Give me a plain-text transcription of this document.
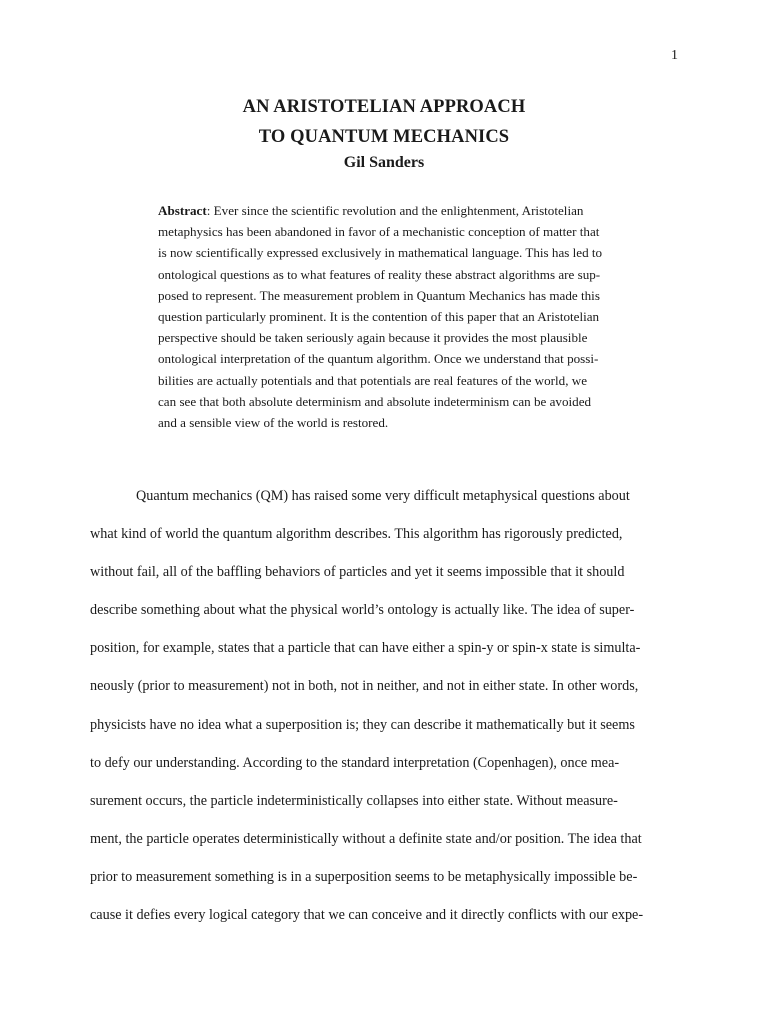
1
AN ARISTOTELIAN APPROACH
TO QUANTUM MECHANICS
Gil Sanders
Abstract: Ever since the scientific revolution and the enlightenment, Aristotelian
metaphysics has been abandoned in favor of a mechanistic conception of matter that
is now scientifically expressed exclusively in mathematical language. This has led to
ontological questions as to what features of reality these abstract algorithms are sup-
posed to represent. The measurement problem in Quantum Mechanics has made this
question particularly prominent. It is the contention of this paper that an Aristotelian
perspective should be taken seriously again because it provides the most plausible
ontological interpretation of the quantum algorithm. Once we understand that possi-
bilities are actually potentials and that potentials are real features of the world, we
can see that both absolute determinism and absolute indeterminism can be avoided
and a sensible view of the world is restored.
Quantum mechanics (QM) has raised some very difficult metaphysical questions about
what kind of world the quantum algorithm describes. This algorithm has rigorously predicted,
without fail, all of the baffling behaviors of particles and yet it seems impossible that it should
describe something about what the physical world’s ontology is actually like. The idea of super-
position, for example, states that a particle that can have either a spin-y or spin-x state is simulta-
neously (prior to measurement) not in both, not in neither, and not in either state. In other words,
physicists have no idea what a superposition is; they can describe it mathematically but it seems
to defy our understanding. According to the standard interpretation (Copenhagen), once mea-
surement occurs, the particle indeterministically collapses into either state. Without measure-
ment, the particle operates deterministically without a definite state and/or position. The idea that
prior to measurement something is in a superposition seems to be metaphysically impossible be-
cause it defies every logical category that we can conceive and it directly conflicts with our expe-
